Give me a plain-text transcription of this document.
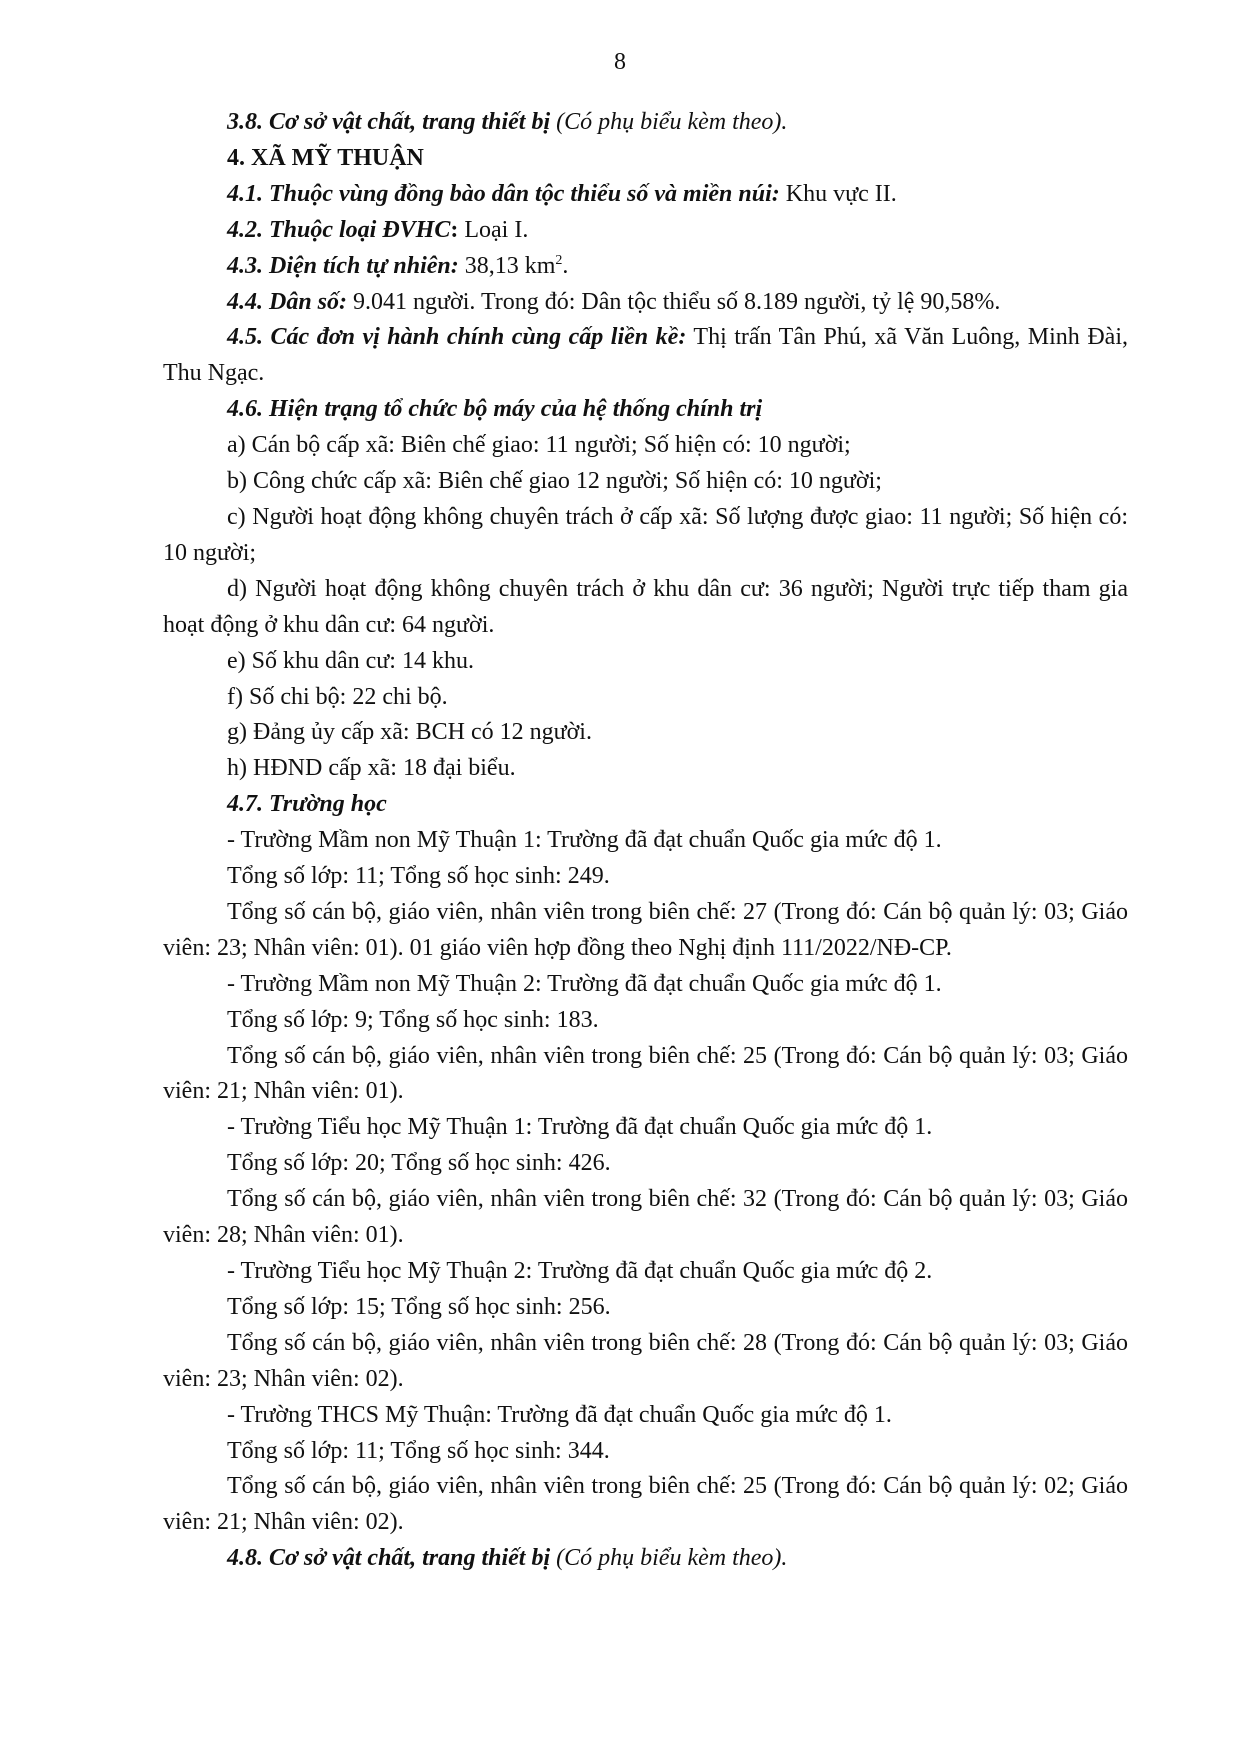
8

3.8. Cơ sở vật chất, trang thiết bị (Có phụ biểu kèm theo).

4. XÃ MỸ THUẬN

4.1. Thuộc vùng đồng bào dân tộc thiểu số và miền núi: Khu vực II.

4.2. Thuộc loại ĐVHC: Loại I.

4.3. Diện tích tự nhiên: 38,13 $km^2$.

4.4. Dân số: 9.041 người. Trong đó: Dân tộc thiểu số 8.189 người, tỷ lệ 90,58%.

4.5. Các đơn vị hành chính cùng cấp liền kề: Thị trấn Tân Phú, xã Văn Luông, Minh Đài, Thu Ngạc.

4.6. Hiện trạng tổ chức bộ máy của hệ thống chính trị

a) Cán bộ cấp xã: Biên chế giao: 11 người; Số hiện có: 10 người;

b) Công chức cấp xã: Biên chế giao 12 người; Số hiện có: 10 người;

c) Người hoạt động không chuyên trách ở cấp xã: Số lượng được giao: 11 người; Số hiện có: 10 người;

d) Người hoạt động không chuyên trách ở khu dân cư: 36 người; Người trực tiếp tham gia hoạt động ở khu dân cư: 64 người.

e) Số khu dân cư: 14 khu.

f) Số chi bộ: 22 chi bộ.

g) Đảng ủy cấp xã: BCH có 12 người.

h) HĐND cấp xã: 18 đại biểu.

4.7. Trường học

- Trường Mầm non Mỹ Thuận 1: Trường đã đạt chuẩn Quốc gia mức độ 1.

Tổng số lớp: 11; Tổng số học sinh: 249.

Tổng số cán bộ, giáo viên, nhân viên trong biên chế: 27 (Trong đó: Cán bộ quản lý: 03; Giáo viên: 23; Nhân viên: 01). 01 giáo viên hợp đồng theo Nghị định 111/2022/NĐ-CP.

- Trường Mầm non Mỹ Thuận 2: Trường đã đạt chuẩn Quốc gia mức độ 1.

Tổng số lớp: 9; Tổng số học sinh: 183.

Tổng số cán bộ, giáo viên, nhân viên trong biên chế: 25 (Trong đó: Cán bộ quản lý: 03; Giáo viên: 21; Nhân viên: 01).

- Trường Tiểu học Mỹ Thuận 1: Trường đã đạt chuẩn Quốc gia mức độ 1.

Tổng số lớp: 20; Tổng số học sinh: 426.

Tổng số cán bộ, giáo viên, nhân viên trong biên chế: 32 (Trong đó: Cán bộ quản lý: 03; Giáo viên: 28; Nhân viên: 01).

- Trường Tiểu học Mỹ Thuận 2: Trường đã đạt chuẩn Quốc gia mức độ 2.

Tổng số lớp: 15; Tổng số học sinh: 256.

Tổng số cán bộ, giáo viên, nhân viên trong biên chế: 28 (Trong đó: Cán bộ quản lý: 03; Giáo viên: 23; Nhân viên: 02).

- Trường THCS Mỹ Thuận: Trường đã đạt chuẩn Quốc gia mức độ 1.

Tổng số lớp: 11; Tổng số học sinh: 344.

Tổng số cán bộ, giáo viên, nhân viên trong biên chế: 25 (Trong đó: Cán bộ quản lý: 02; Giáo viên: 21; Nhân viên: 02).

4.8. Cơ sở vật chất, trang thiết bị (Có phụ biểu kèm theo).
